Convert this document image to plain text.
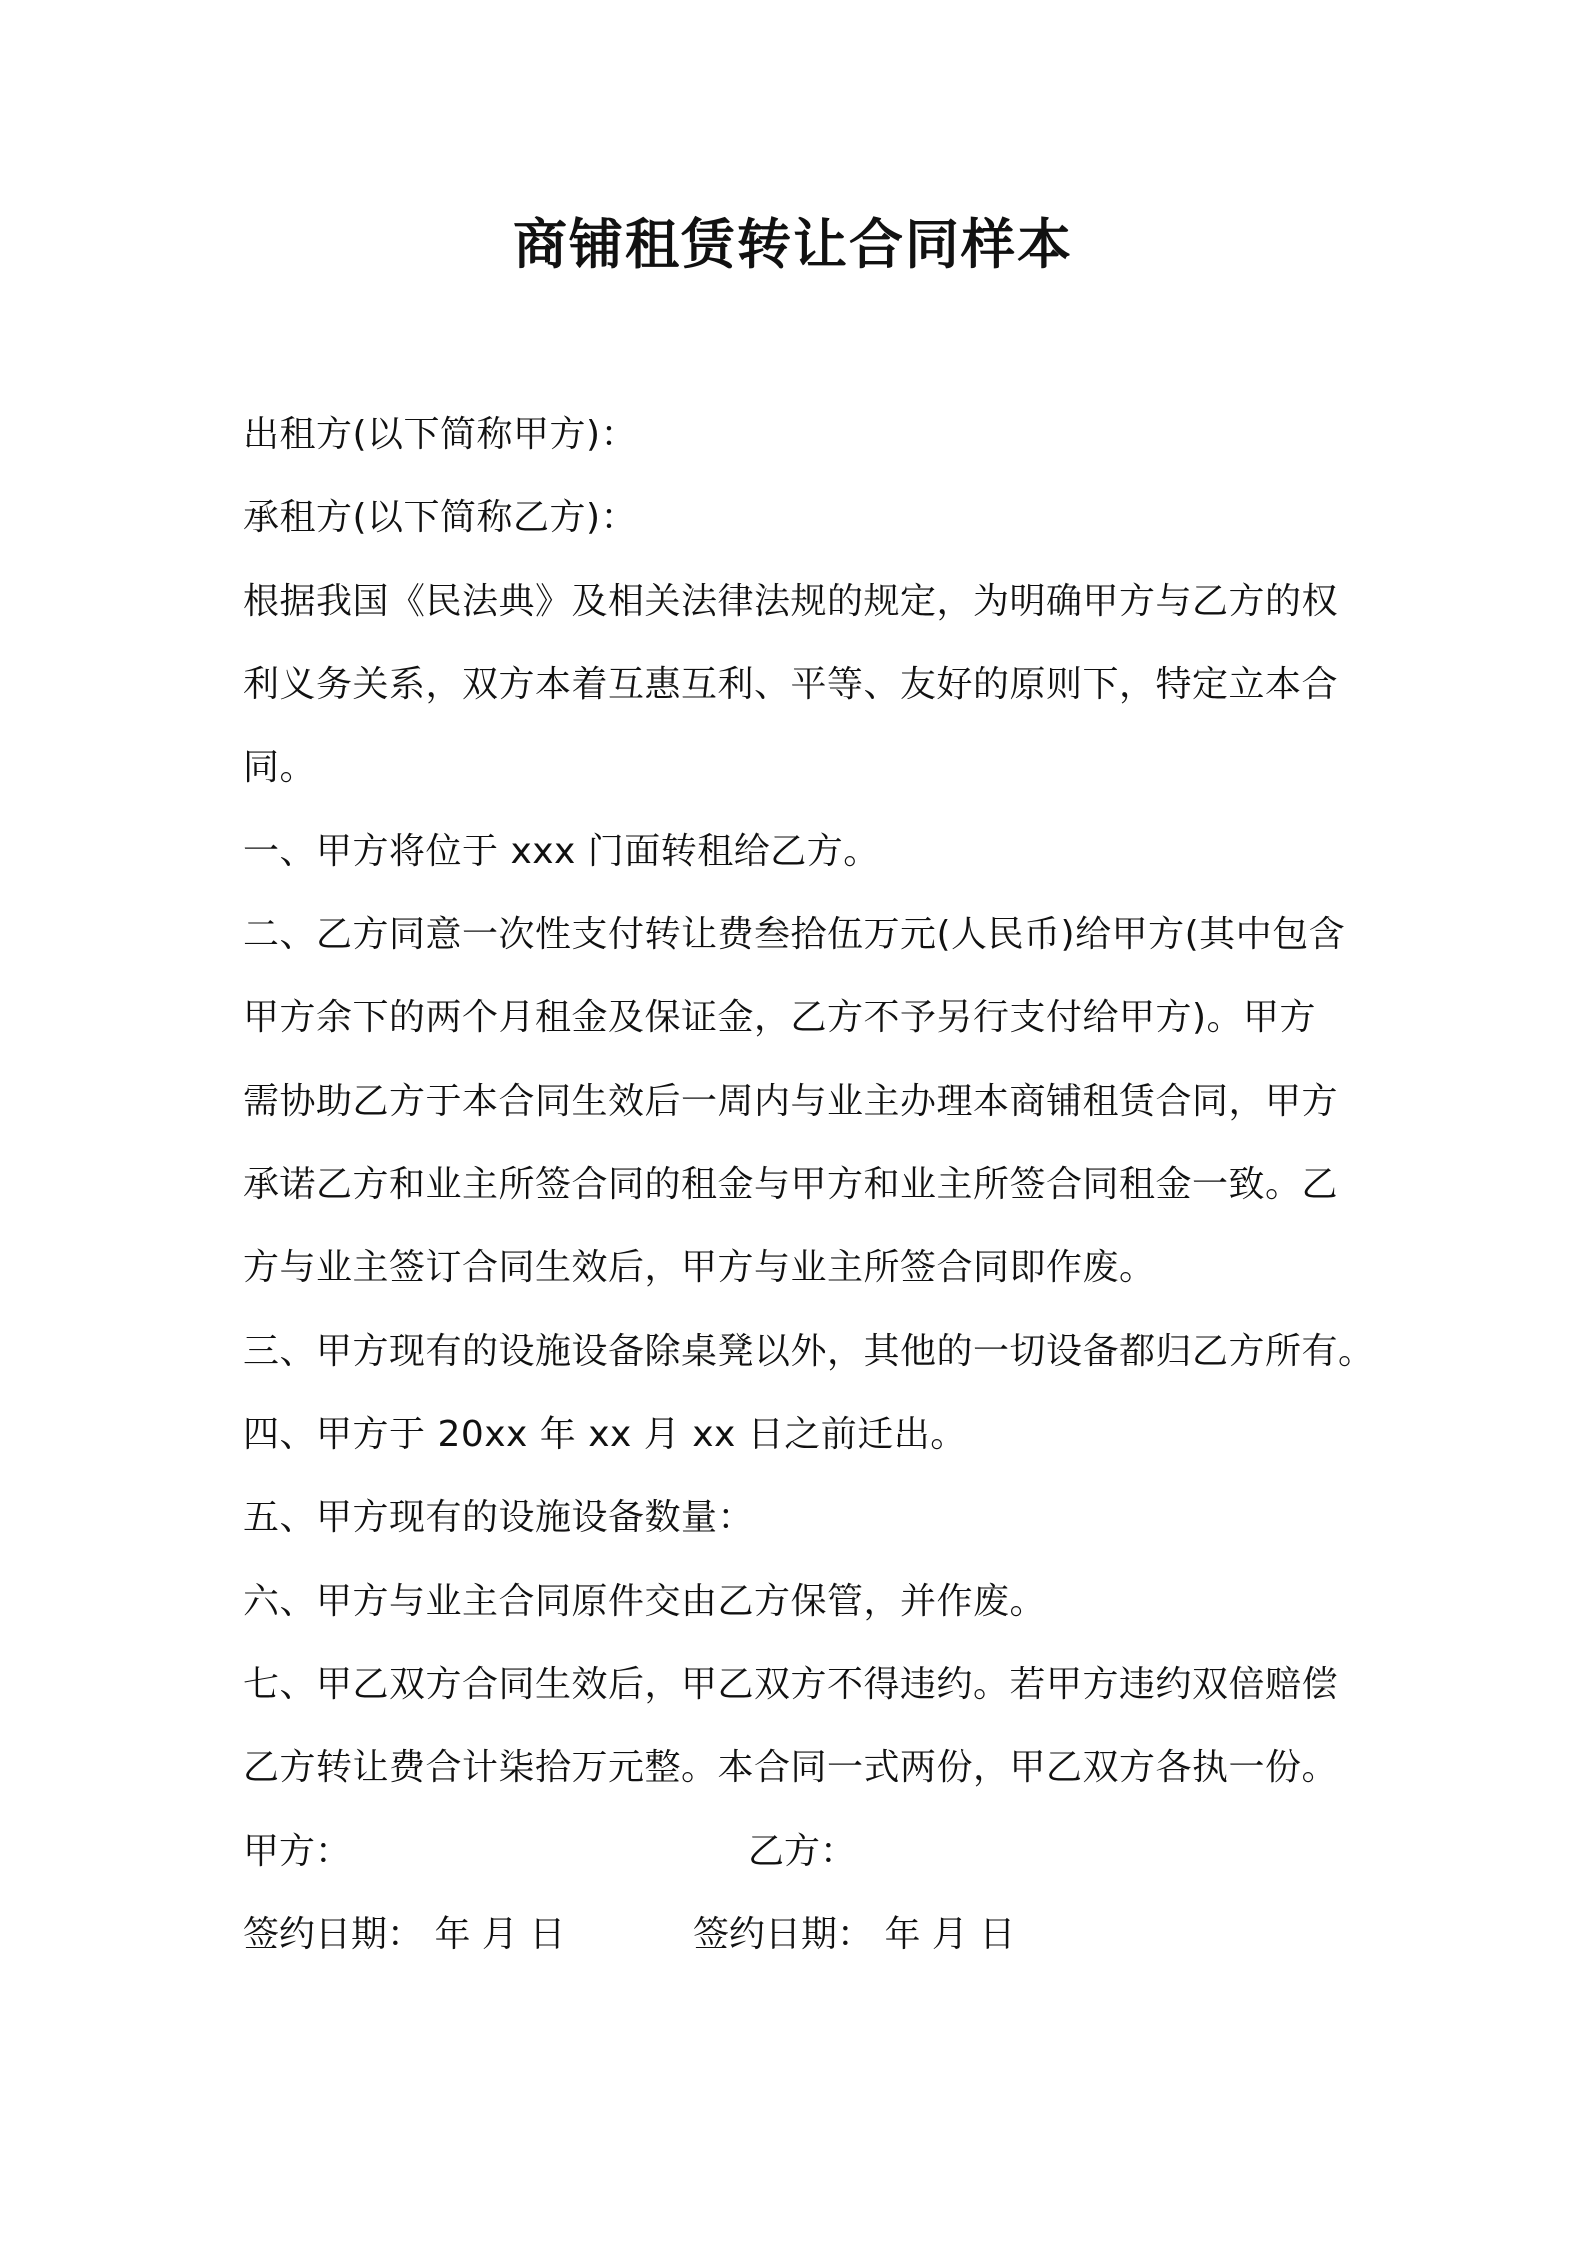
商铺租赁转让合同样本
出租方(以下简称甲方)：
承租方(以下简称乙方)：
根据我国《民法典》及相关法律法规的规定，为明确甲方与乙方的权
利义务关系，双方本着互惠互利、平等、友好的原则下，特定立本合
同。
一、甲方将位于 xxx 门面转租给乙方。
二、乙方同意一次性支付转让费叁拾伍万元(人民币)给甲方(其中包含
甲方余下的两个月租金及保证金，乙方不予另行支付给甲方)。甲方
需协助乙方于本合同生效后一周内与业主办理本商铺租赁合同，甲方
承诺乙方和业主所签合同的租金与甲方和业主所签合同租金一致。乙
方与业主签订合同生效后，甲方与业主所签合同即作废。
三、甲方现有的设施设备除桌凳以外，其他的一切设备都归乙方所有。
四、甲方于 20xx 年 xx 月 xx 日之前迁出。
五、甲方现有的设施设备数量：
六、甲方与业主合同原件交由乙方保管，并作废。
七、甲乙双方合同生效后，甲乙双方不得违约。若甲方违约双倍赔偿
乙方转让费合计柒拾万元整。本合同一式两份，甲乙双方各执一份。
甲方：	乙方：
签约日期： 年 月 日	签约日期： 年 月 日
